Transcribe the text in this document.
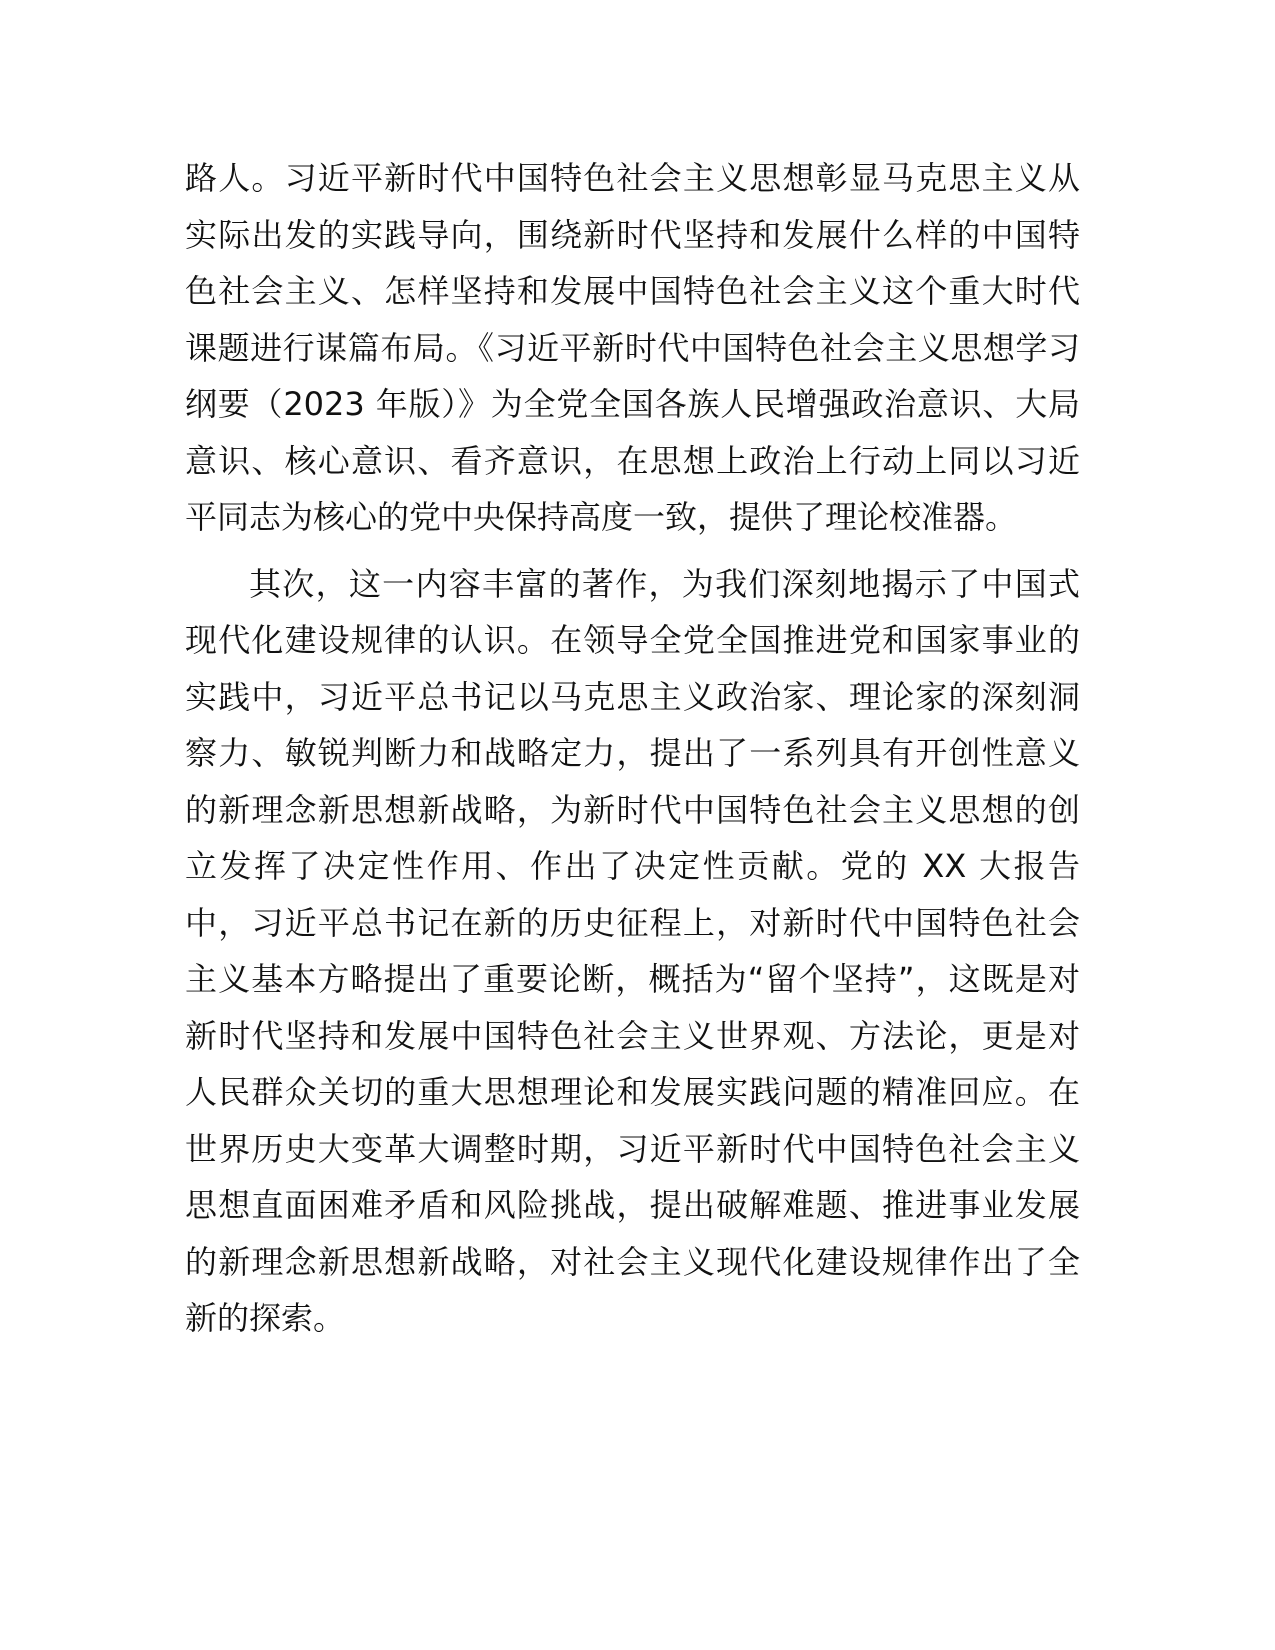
路人。习近平新时代中国特色社会主义思想彰显马克思主义从实际出发的实践导向，围绕新时代坚持和发展什么样的中国特色社会主义、怎样坚持和发展中国特色社会主义这个重大时代课题进行谋篇布局。《习近平新时代中国特色社会主义思想学习纲要（2023 年版）》为全党全国各族人民增强政治意识、大局意识、核心意识、看齐意识，在思想上政治上行动上同以习近平同志为核心的党中央保持高度一致，提供了理论校准器。

其次，这一内容丰富的著作，为我们深刻地揭示了中国式现代化建设规律的认识。在领导全党全国推进党和国家事业的实践中，习近平总书记以马克思主义政治家、理论家的深刻洞察力、敏锐判断力和战略定力，提出了一系列具有开创性意义的新理念新思想新战略，为新时代中国特色社会主义思想的创立发挥了决定性作用、作出了决定性贡献。党的 XX 大报告中，习近平总书记在新的历史征程上，对新时代中国特色社会主义基本方略提出了重要论断，概括为“留个坚持”，这既是对新时代坚持和发展中国特色社会主义世界观、方法论，更是对人民群众关切的重大思想理论和发展实践问题的精准回应。在世界历史大变革大调整时期，习近平新时代中国特色社会主义思想直面困难矛盾和风险挑战，提出破解难题、推进事业发展的新理念新思想新战略，对社会主义现代化建设规律作出了全新的探索。
